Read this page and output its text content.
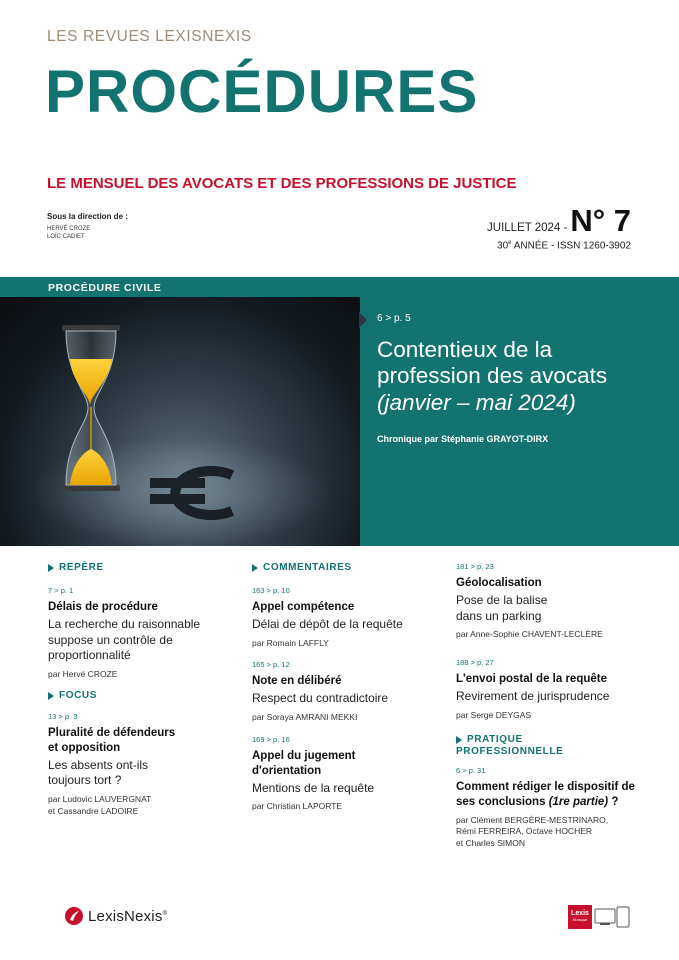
LES REVUES LEXISNEXIS
PROCÉDURES
LE MENSUEL DES AVOCATS ET DES PROFESSIONS DE JUSTICE
Sous la direction de :
HERVÉ CROZE
LOÏC CADIET
JUILLET 2024 - N° 7
30e ANNÉE - ISSN 1260-3902
PROCÉDURE CIVILE
6 > p. 5
Contentieux de la
profession des avocats
(janvier – mai 2024)
Chronique par Stéphanie GRAYOT-DIRX
REPÈRE
7 > p. 1
Délais de procédure
La recherche du raisonnable suppose un contrôle de proportionnalité
par Hervé CROZE
FOCUS
13 > p. 3
Pluralité de défendeurs et opposition
Les absents ont-ils toujours tort ?
par Ludovic LAUVERGNAT
et Cassandre LADOIRE
COMMENTAIRES
163 > p. 10
Appel compétence
Délai de dépôt de la requête
par Romain LAFFLY
165 > p. 12
Note en délibéré
Respect du contradictoire
par Soraya AMRANI MEKKI
169 > p. 16
Appel du jugement d'orientation
Mentions de la requête
par Christian LAPORTE
181 > p. 23
Géolocalisation
Pose de la balise dans un parking
par Anne-Sophie CHAVENT-LECLÈRE
188 > p. 27
L'envoi postal de la requête
Revirement de jurisprudence
par Serge DEYGAS
PRATIQUE
PROFESSIONNELLE
6 > p. 31
Comment rédiger le dispositif de ses conclusions (1re partie) ?
par Clément BERGÈRE-MESTRINARO,
Rémi FERREIRA, Octave HOCHER
et Charles SIMON
LexisNexis®	Lexis
Kiosque
